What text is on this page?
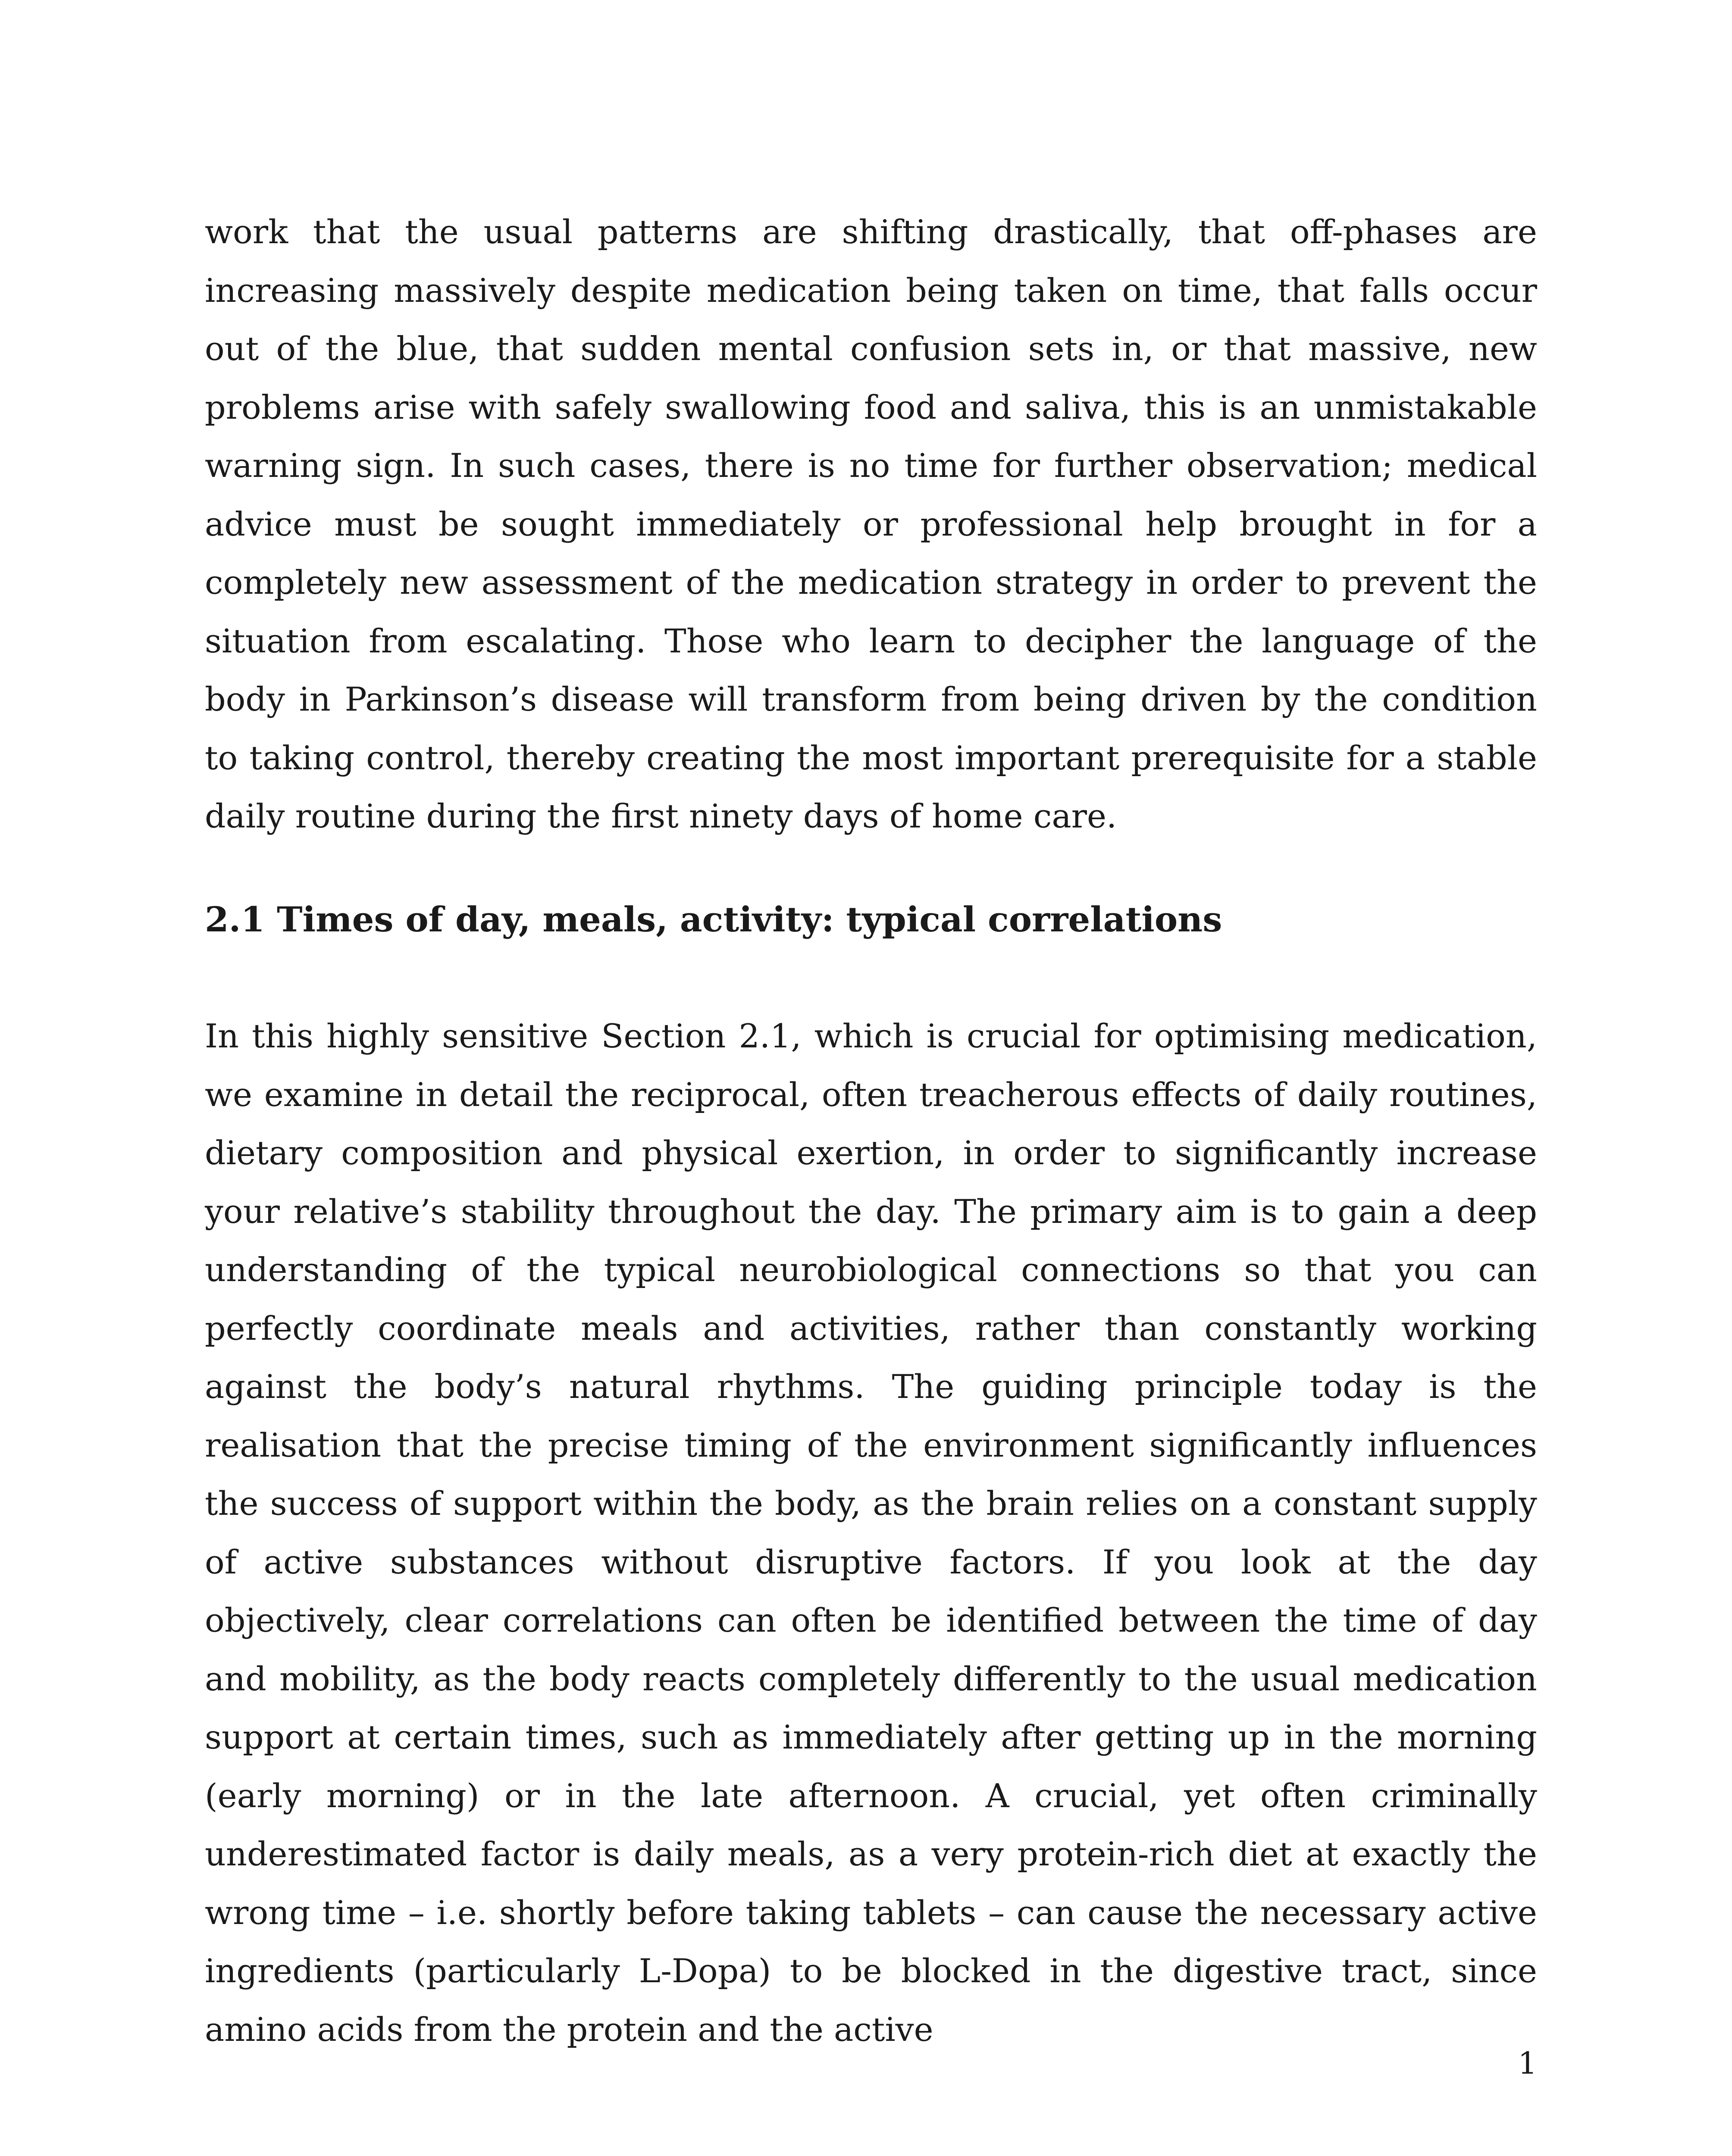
work that the usual patterns are shifting drastically, that off-phases are increasing massively despite medication being taken on time, that falls occur out of the blue, that sudden mental confusion sets in, or that massive, new problems arise with safely swallowing food and saliva, this is an unmistakable warning sign. In such cases, there is no time for further observation; medical advice must be sought immediately or professional help brought in for a completely new assessment of the medication strategy in order to prevent the situation from escalating. Those who learn to decipher the language of the body in Parkinson’s disease will transform from being driven by the condition to taking control, thereby creating the most important prerequisite for a stable daily routine during the first ninety days of home care.

2.1 Times of day, meals, activity: typical correlations

In this highly sensitive Section 2.1, which is crucial for optimising medication, we examine in detail the reciprocal, often treacherous effects of daily routines, dietary composition and physical exertion, in order to significantly increase your relative’s stability throughout the day. The primary aim is to gain a deep understanding of the typical neurobiological connections so that you can perfectly coordinate meals and activities, rather than constantly working against the body’s natural rhythms. The guiding principle today is the realisation that the precise timing of the environment significantly influences the success of support within the body, as the brain relies on a constant supply of active substances without disruptive factors. If you look at the day objectively, clear correlations can often be identified between the time of day and mobility, as the body reacts completely differently to the usual medication support at certain times, such as immediately after getting up in the morning (early morning) or in the late afternoon. A crucial, yet often criminally underestimated factor is daily meals, as a very protein-rich diet at exactly the wrong time – i.e. shortly before taking tablets – can cause the necessary active ingredients (particularly L-Dopa) to be blocked in the digestive tract, since amino acids from the protein and the active

1
